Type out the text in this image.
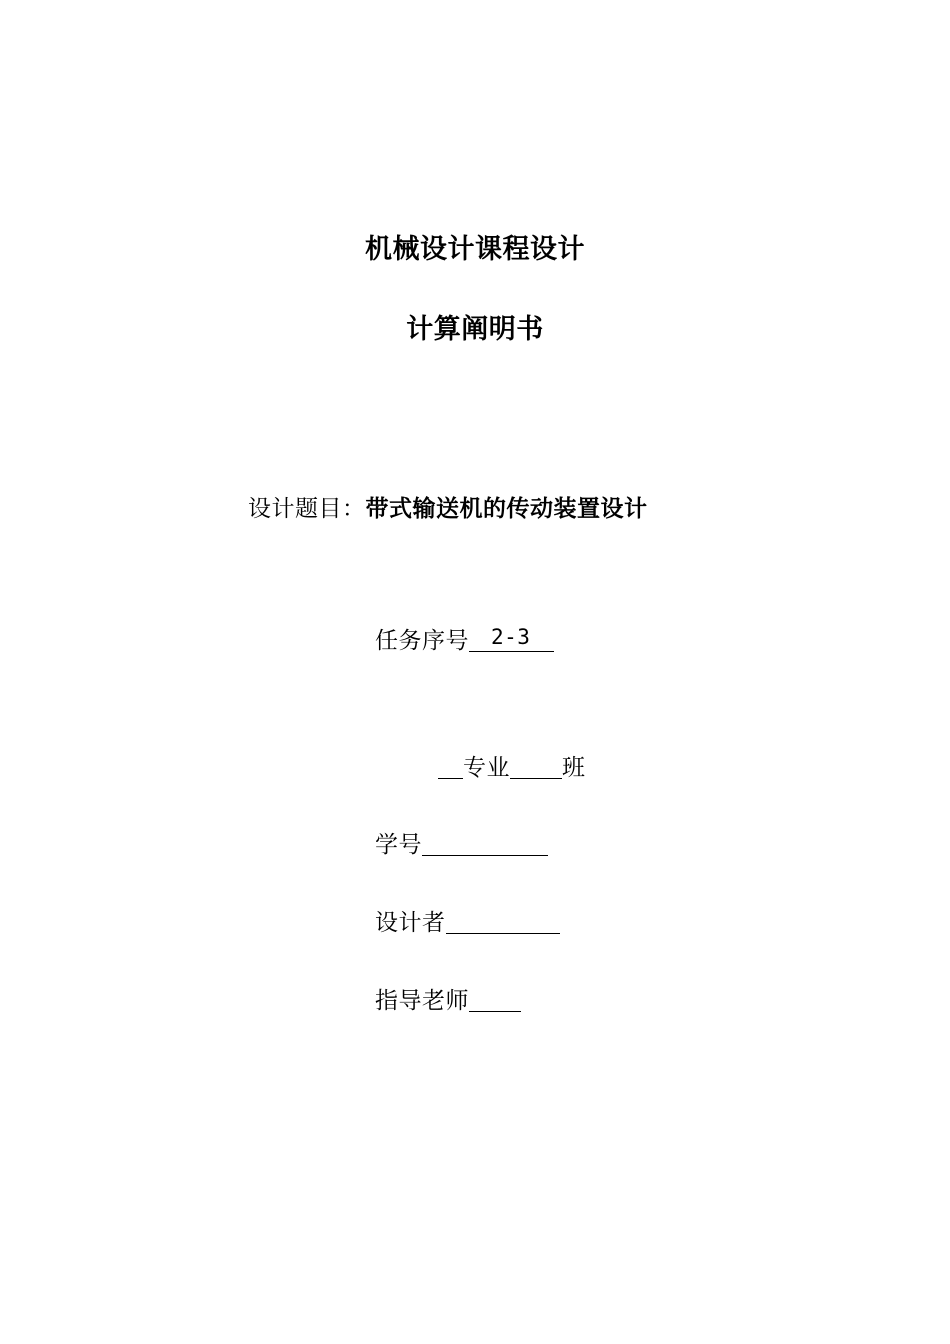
机械设计课程设计
计算阐明书
设计题目：带式输送机的传动装置设计
任务序号 2-3
专业 班
学号
设计者
指导老师
